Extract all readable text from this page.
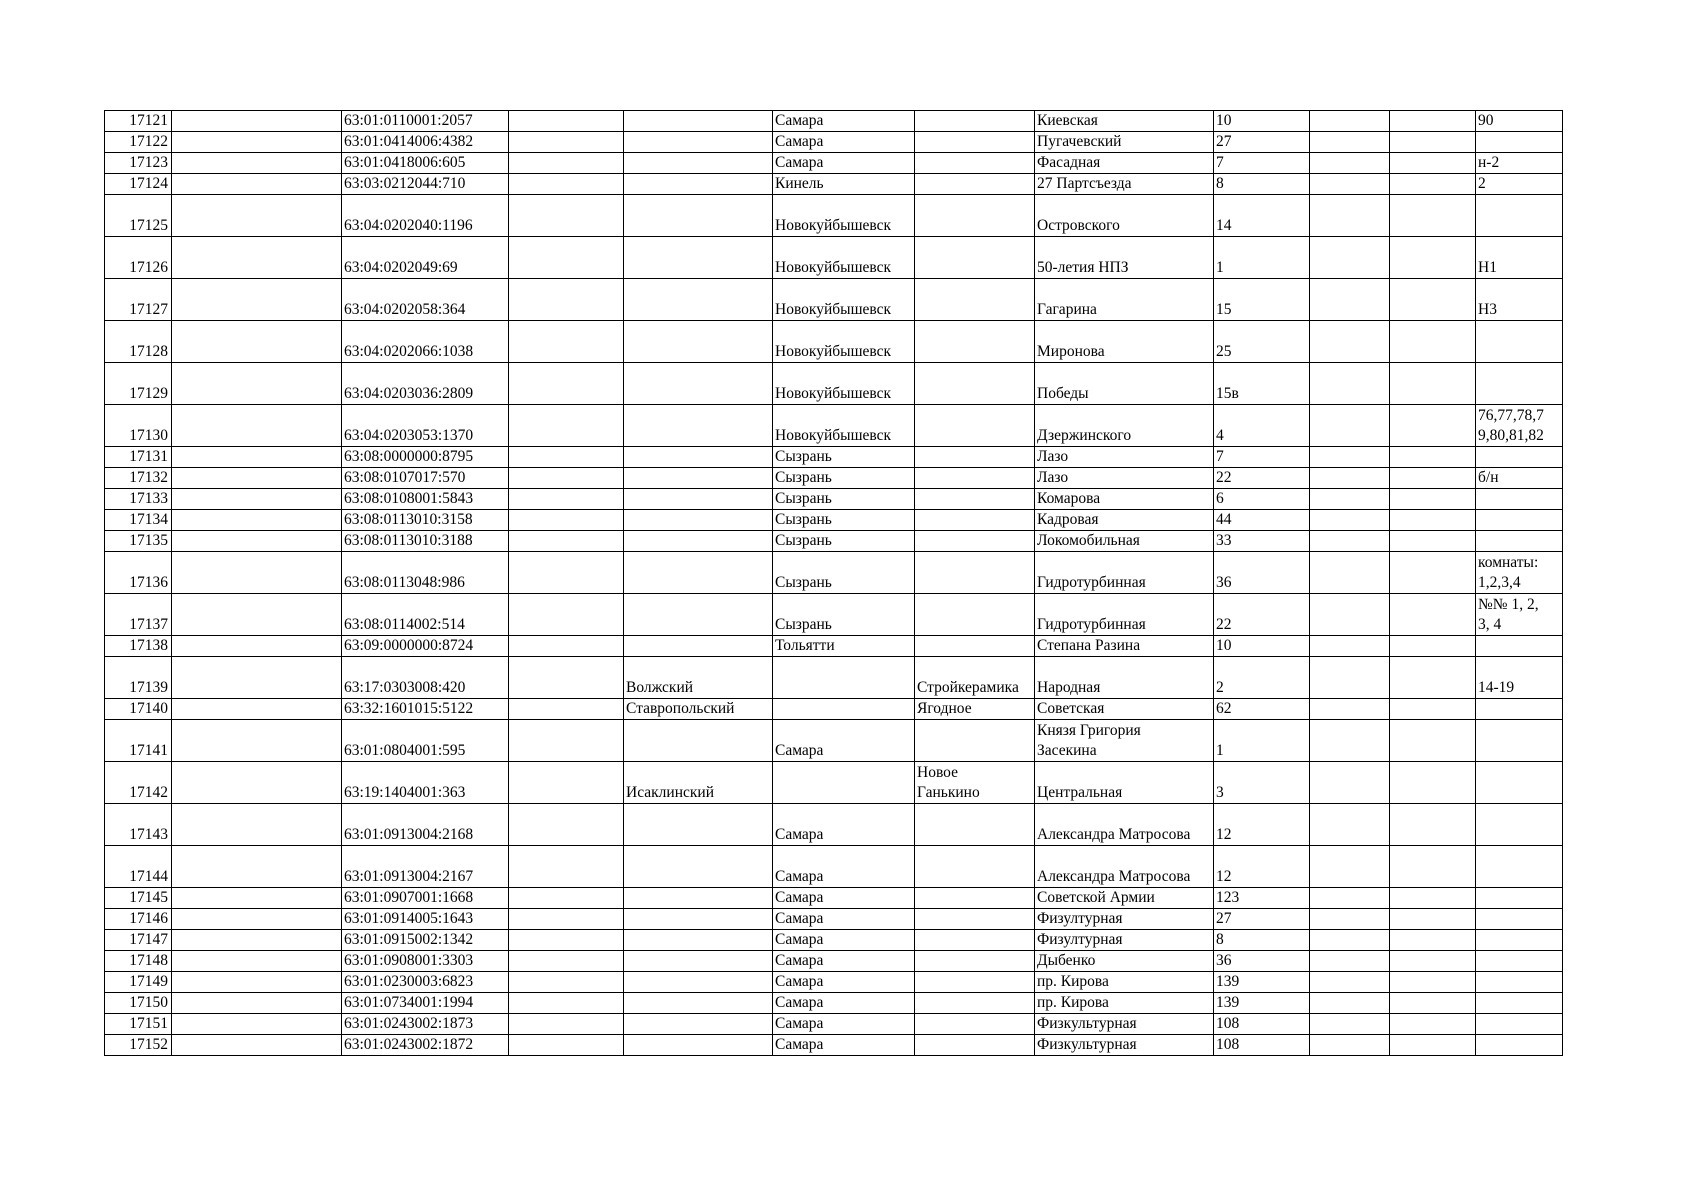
17121		63:01:0110001:2057			Самара		Киевская	10			90
17122		63:01:0414006:4382			Самара		Пугачевский	27			
17123		63:01:0418006:605			Самара		Фасадная	7			н-2
17124		63:03:0212044:710			Кинель		27 Партсъезда	8			2
17125		63:04:0202040:1196			Новокуйбышевск		Островского	14			
17126		63:04:0202049:69			Новокуйбышевск		50-летия НПЗ	1			Н1
17127		63:04:0202058:364			Новокуйбышевск		Гагарина	15			Н3
17128		63:04:0202066:1038			Новокуйбышевск		Миронова	25			
17129		63:04:0203036:2809			Новокуйбышевск		Победы	15в			
17130		63:04:0203053:1370			Новокуйбышевск		Дзержинского	4			76,77,78,7
9,80,81,82
17131		63:08:0000000:8795			Сызрань		Лазо	7			
17132		63:08:0107017:570			Сызрань		Лазо	22			б/н
17133		63:08:0108001:5843			Сызрань		Комарова	6			
17134		63:08:0113010:3158			Сызрань		Кадровая	44			
17135		63:08:0113010:3188			Сызрань		Локомобильная	33			
17136		63:08:0113048:986			Сызрань		Гидротурбинная	36			комнаты:
1,2,3,4
17137		63:08:0114002:514			Сызрань		Гидротурбинная	22			№№ 1, 2,
3, 4
17138		63:09:0000000:8724			Тольятти		Степана Разина	10			
17139		63:17:0303008:420		Волжский		Стройкерамика	Народная	2			14-19
17140		63:32:1601015:5122		Ставропольский		Ягодное	Советская	62			
17141		63:01:0804001:595			Самара		Князя Григория
Засекина	1			
17142		63:19:1404001:363		Исаклинский		Новое
Ганькино	Центральная	3			
17143		63:01:0913004:2168			Самара		Александра Матросова	12			
17144		63:01:0913004:2167			Самара		Александра Матросова	12			
17145		63:01:0907001:1668			Самара		Советской Армии	123			
17146		63:01:0914005:1643			Самара		Физултурная	27			
17147		63:01:0915002:1342			Самара		Физултурная	8			
17148		63:01:0908001:3303			Самара		Дыбенко	36			
17149		63:01:0230003:6823			Самара		пр. Кирова	139			
17150		63:01:0734001:1994			Самара		пр. Кирова	139			
17151		63:01:0243002:1873			Самара		Физкультурная	108			
17152		63:01:0243002:1872			Самара		Физкультурная	108			
